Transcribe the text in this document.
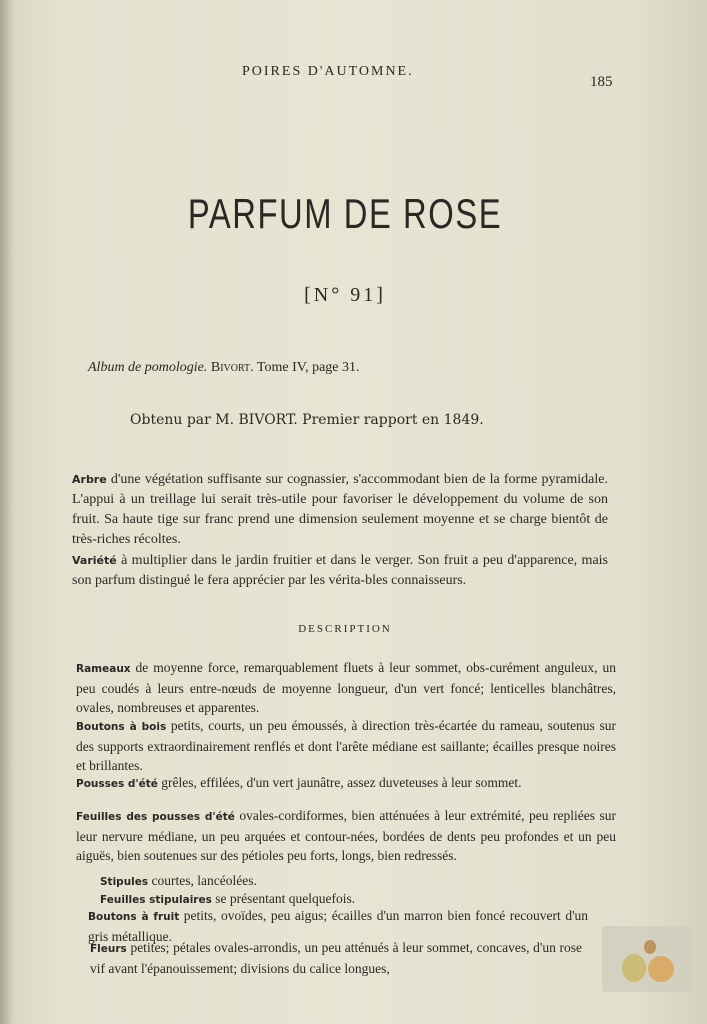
POIRES D'AUTOMNE.
185
PARFUM DE ROSE
[N° 91]
Album de pomologie. Bivort. Tome IV, page 31.
Obtenu par M. BIVORT. Premier rapport en 1849.
Arbre d'une végétation suffisante sur cognassier, s'accommodant bien de la forme pyramidale. L'appui à un treillage lui serait très-utile pour favoriser le développement du volume de son fruit. Sa haute tige sur franc prend une dimension seulement moyenne et se charge bientôt de très-riches récoltes.
Variété à multiplier dans le jardin fruitier et dans le verger. Son fruit a peu d'apparence, mais son parfum distingué le fera apprécier par les vérita-bles connaisseurs.
DESCRIPTION
Rameaux de moyenne force, remarquablement fluets à leur sommet, obs-curément anguleux, un peu coudés à leurs entre-nœuds de moyenne longueur, d'un vert foncé; lenticelles blanchâtres, ovales, nombreuses et apparentes.
Boutons à bois petits, courts, un peu émoussés, à direction très-écartée du rameau, soutenus sur des supports extraordinairement renflés et dont l'arête médiane est saillante; écailles presque noires et brillantes.
Pousses d'été grêles, effilées, d'un vert jaunâtre, assez duveteuses à leur sommet.
Feuilles des pousses d'été ovales-cordiformes, bien atténuées à leur extrémité, peu repliées sur leur nervure médiane, un peu arquées et contour-nées, bordées de dents peu profondes et un peu aiguës, bien soutenues sur des pétioles peu forts, longs, bien redressés.
Stipules courtes, lancéolées.
Feuilles stipulaires se présentant quelquefois.
Boutons à fruit petits, ovoïdes, peu aigus; écailles d'un marron bien foncé recouvert d'un gris métallique.
Fleurs petites; pétales ovales-arrondis, un peu atténués à leur sommet, concaves, d'un rose vif avant l'épanouissement; divisions du calice longues,
